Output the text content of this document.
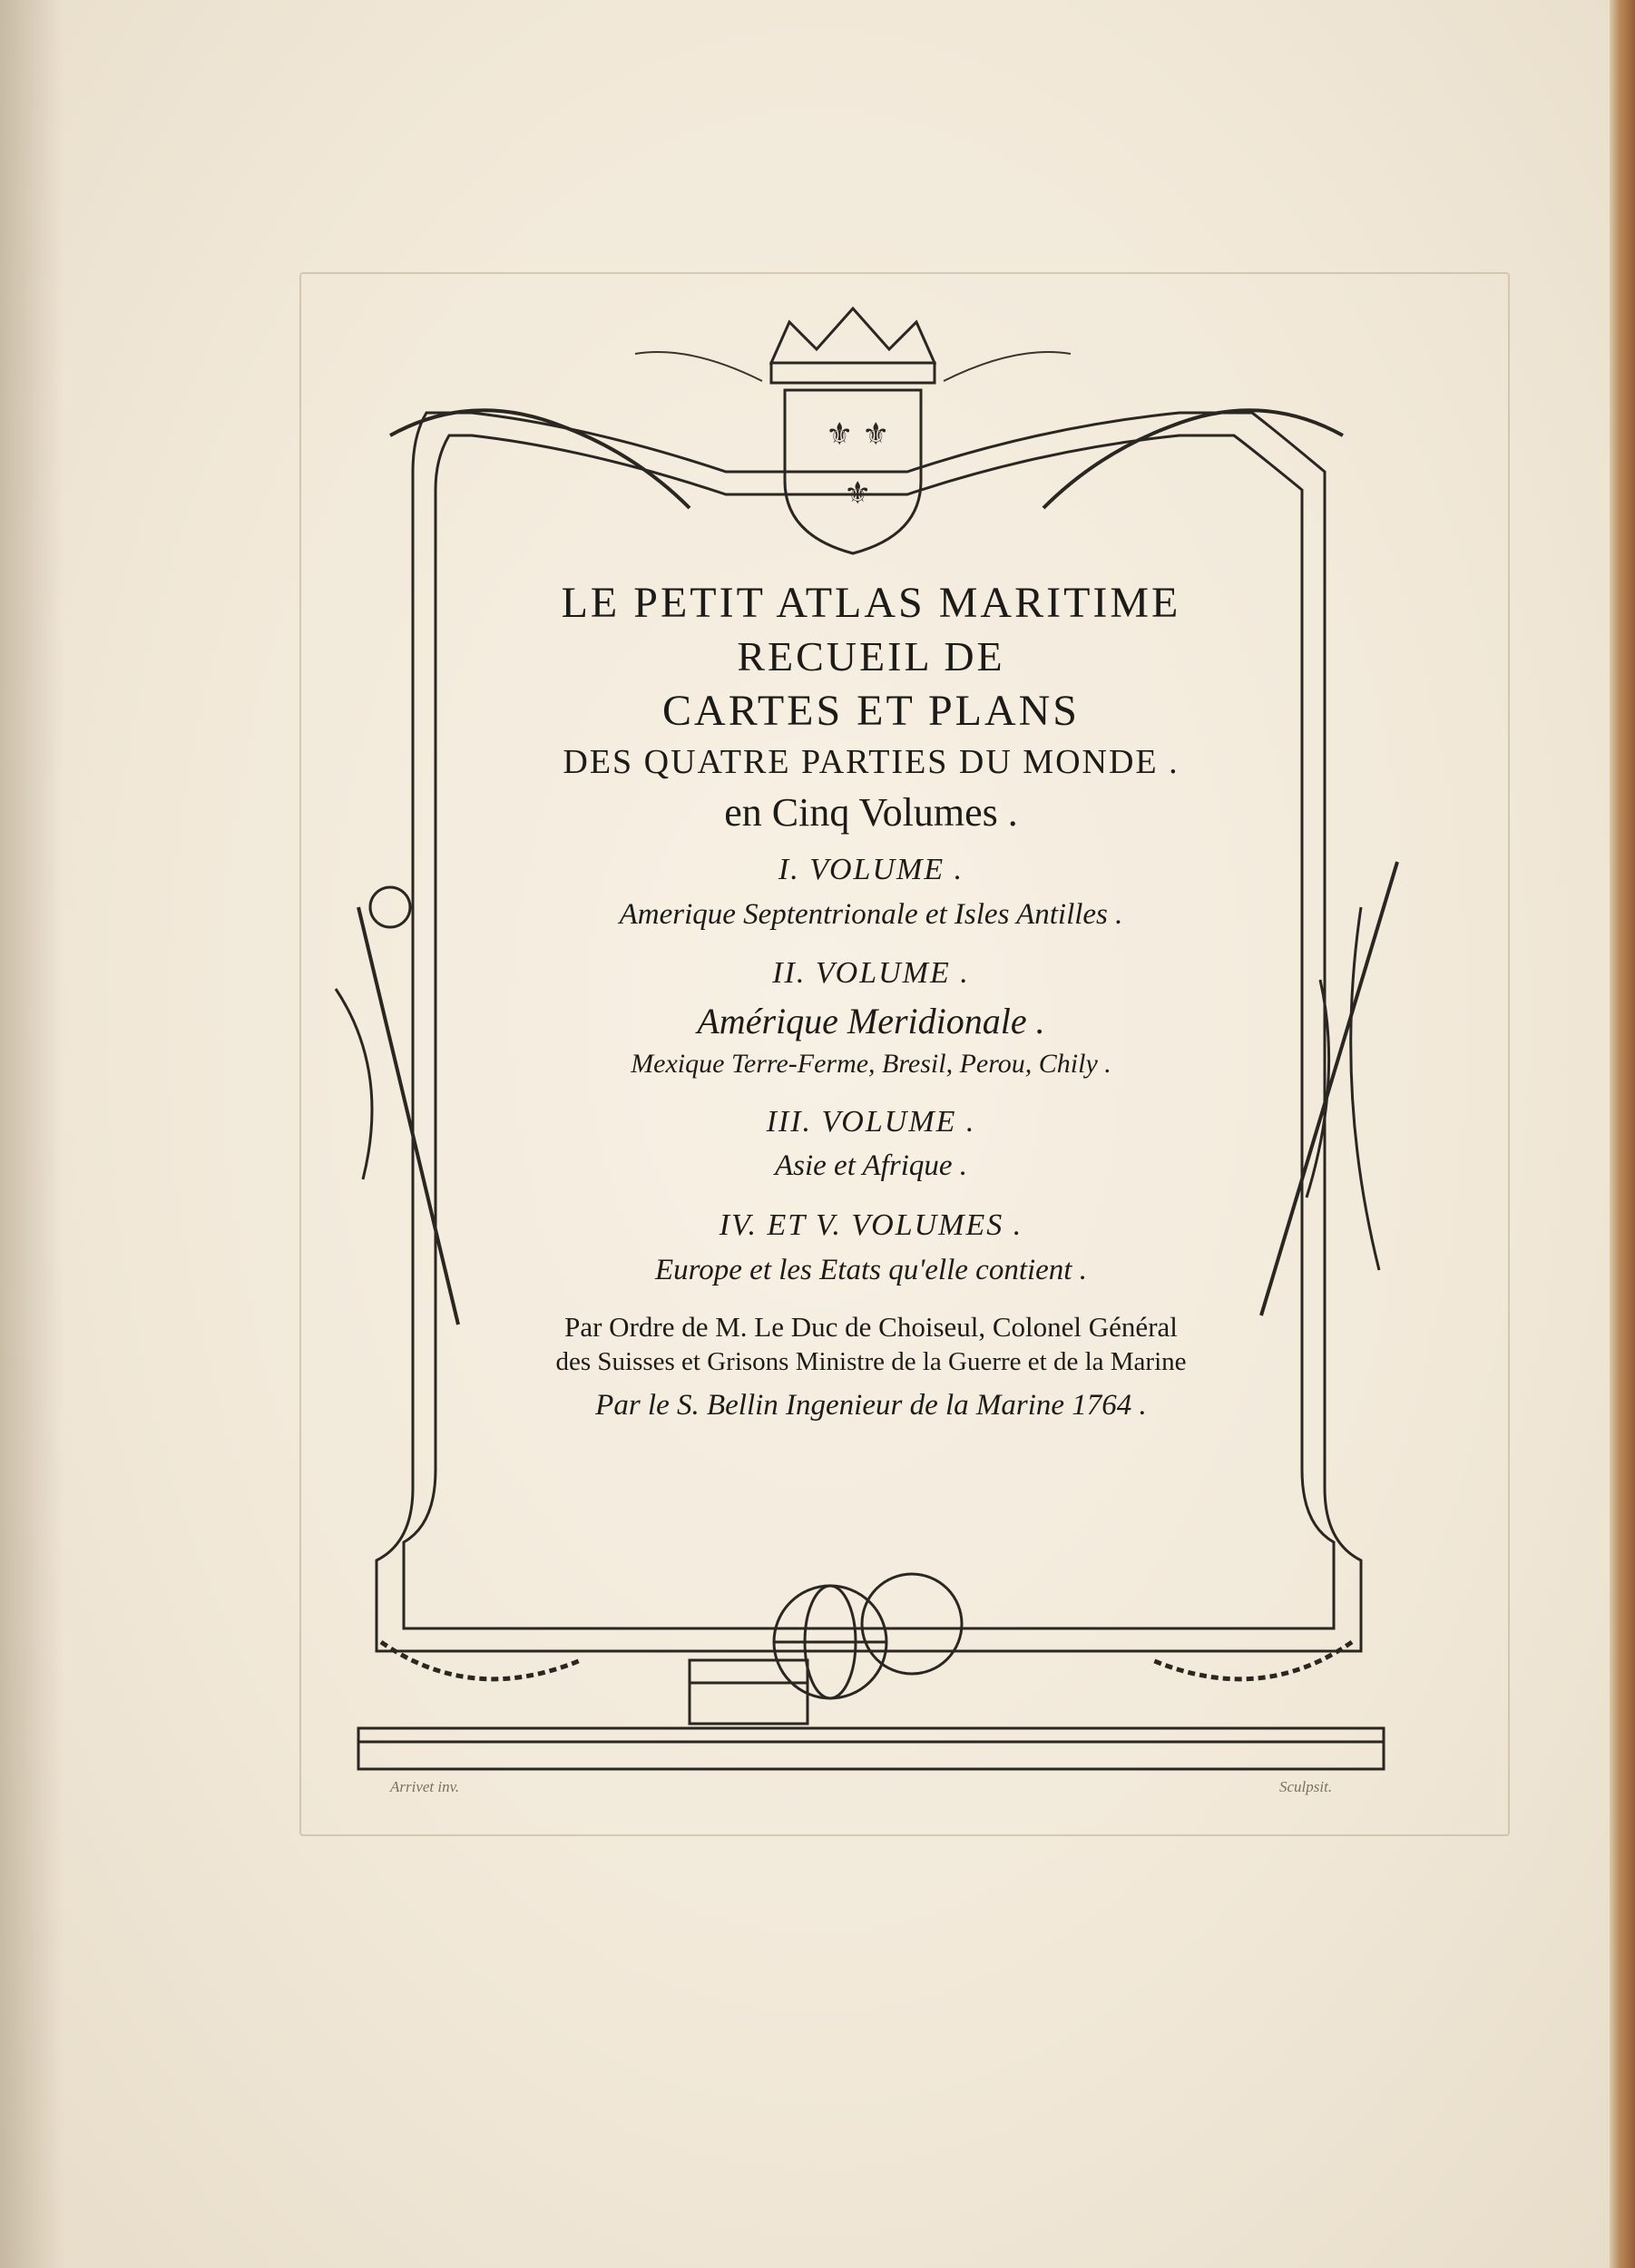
⚜ ⚜
⚜
LE PETIT ATLAS MARITIME
RECUEIL DE
CARTES ET PLANS
DES QUATRE PARTIES DU MONDE .
en Cinq Volumes .
I. VOLUME .
Amerique Septentrionale et Isles Antilles .
II. VOLUME .
Amérique Meridionale .
Mexique Terre-Ferme, Bresil, Perou, Chily .
III. VOLUME .
Asie et Afrique .
IV. ET V. VOLUMES .
Europe et les Etats qu'elle contient .
Par Ordre de M. Le Duc de Choiseul, Colonel Général
des Suisses et Grisons Ministre de la Guerre et de la Marine
Par le S. Bellin Ingenieur de la Marine 1764 .
Arrivet inv.	Sculpsit.
